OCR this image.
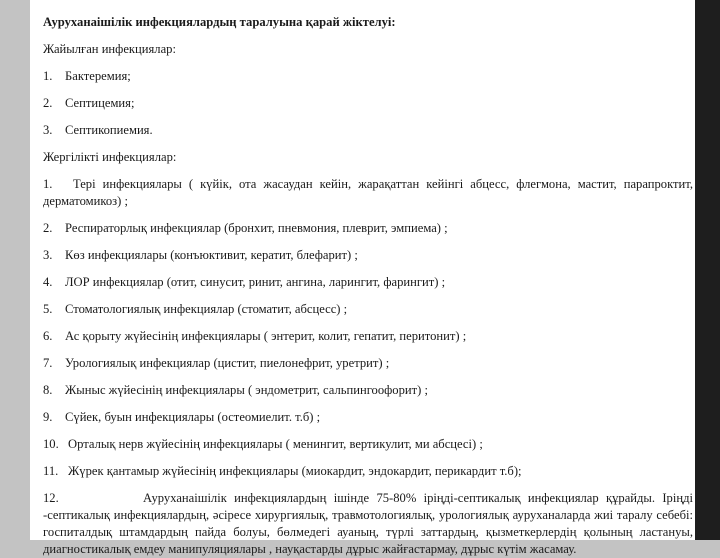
Ауруханаішілік инфекциялардың таралуына қарай жіктелуі:

Жайылған инфекциялар:

1. Бактеремия;

2. Септицемия;

3. Септикопиемия.

Жергілікті инфекциялар:

1. Тері инфекциялары ( күйік, ота жасаудан кейін, жарақаттан кейінгі абцесс, флегмона, мастит, парапроктит, дерматомикоз) ;

2. Респираторлық инфекциялар (бронхит, пневмония, плеврит, эмпиема) ;

3. Көз инфекциялары (конъюктивит, кератит, блефарит) ;

4. ЛОР инфекциялар (отит, синусит, ринит, ангина, ларингит, фарингит) ;

5. Стоматологиялық инфекциялар (стоматит, абсцесс) ;

6. Ас қорыту жүйесінің инфекциялары ( энтерит, колит, гепатит, перитонит) ;

7. Урологиялық инфекциялар (цистит, пиелонефрит, уретрит) ;

8. Жыныс жүйесінің инфекциялары ( эндометрит, сальпингоофорит) ;

9. Сүйек, буын инфекциялары (остеомиелит. т.б) ;

10. Орталық нерв жүйесінің инфекциялары ( менингит, вертикулит, ми абсцесі) ;

11. Жүрек қантамыр жүйесінің инфекциялары (миокардит, эндокардит, перикардит т.б);

12.	Ауруханаішілік инфекциялардың ішінде 75-80% іріңді-септикалық инфекциялар құрайды. Іріңді -септикалық инфекциялардың, әсіресе хирургиялық, травмотологиялық, урологиялық ауруханаларда жиі таралу себебі: госпиталдық штамдардың пайда болуы, бөлмедегі ауаның, түрлі заттардың, қызметкерлердің қолының ластануы, диагностикалық емдеу манипуляциялары , науқастарды дұрыс жайғастармау, дұрыс күтім жасамау.
